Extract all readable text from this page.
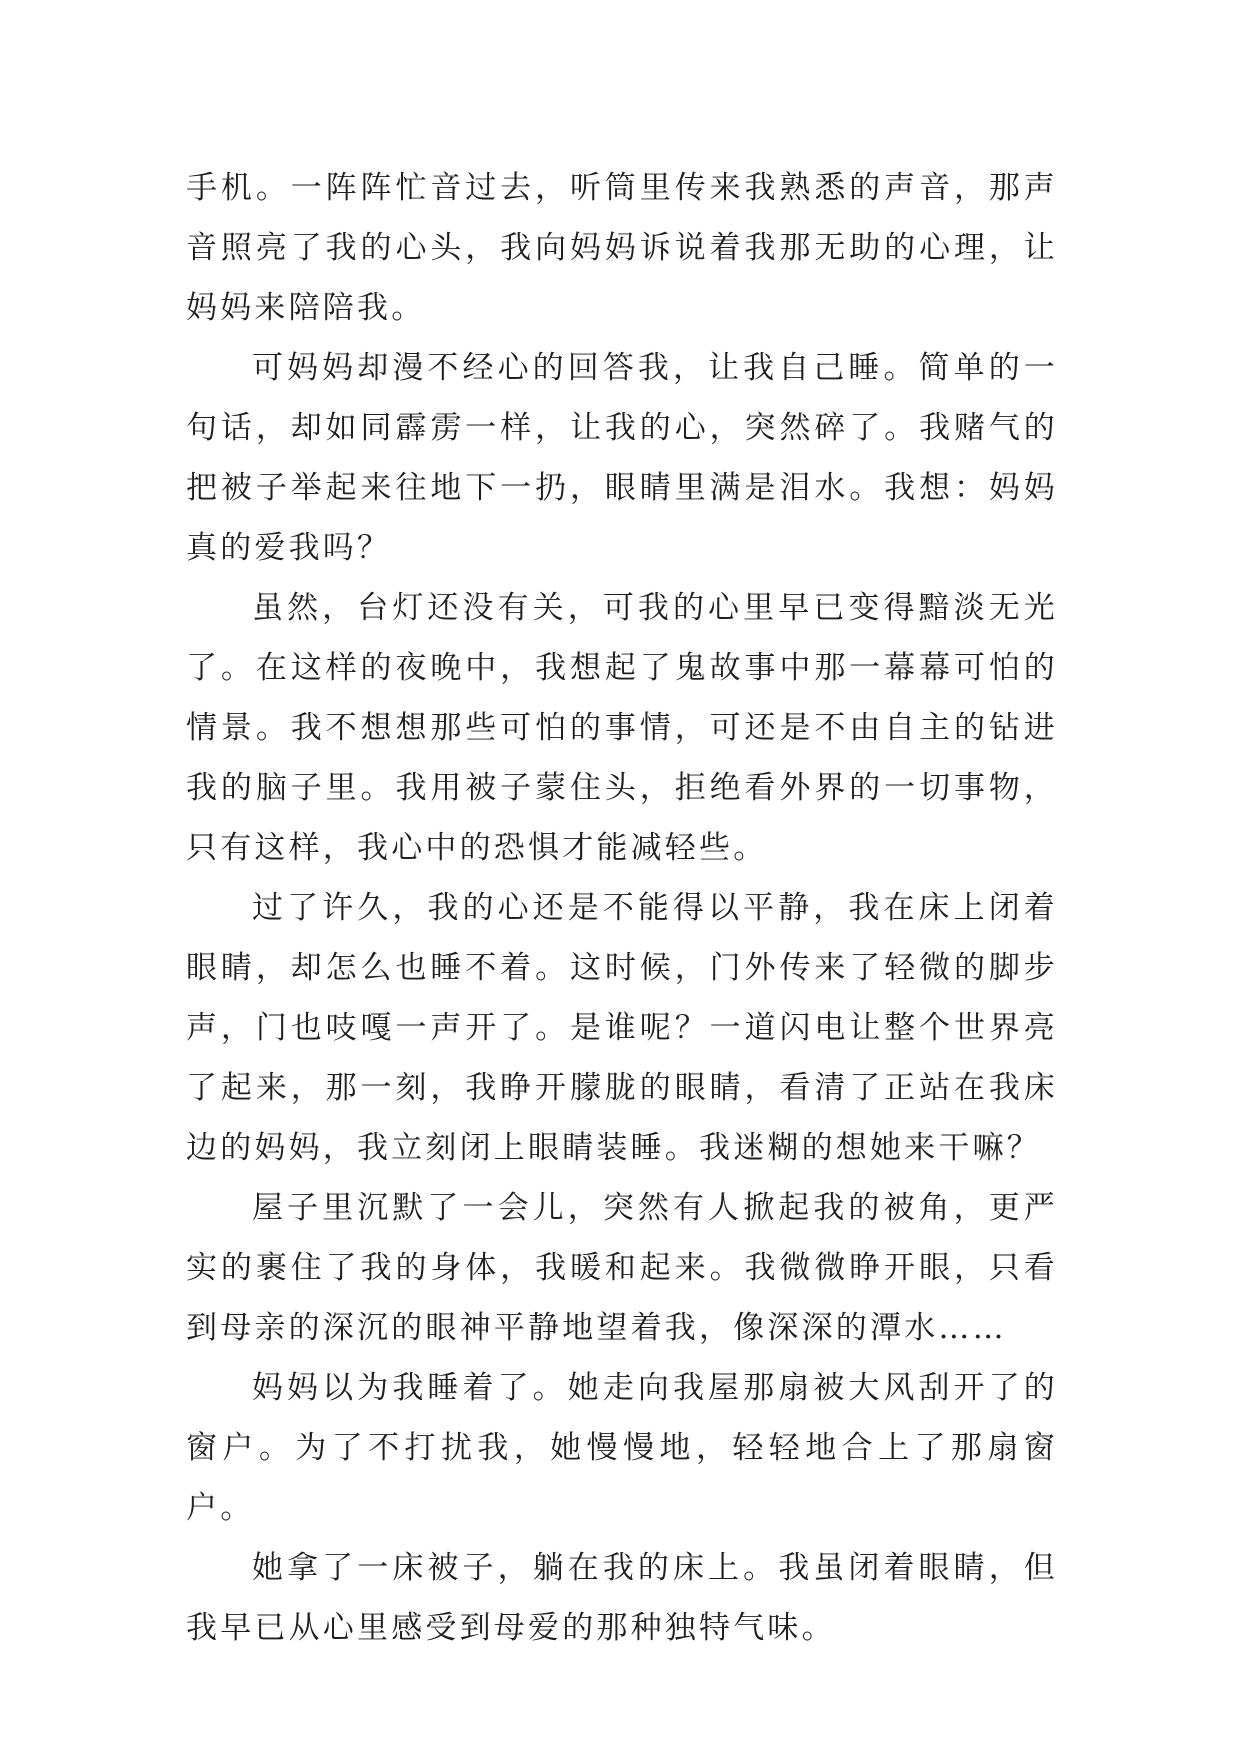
手机。一阵阵忙音过去，听筒里传来我熟悉的声音，那声音照亮了我的心头，我向妈妈诉说着我那无助的心理，让妈妈来陪陪我。

可妈妈却漫不经心的回答我，让我自己睡。简单的一句话，却如同霹雳一样，让我的心，突然碎了。我赌气的把被子举起来往地下一扔，眼睛里满是泪水。我想：妈妈真的爱我吗？

虽然，台灯还没有关，可我的心里早已变得黯淡无光了。在这样的夜晚中，我想起了鬼故事中那一幕幕可怕的情景。我不想想那些可怕的事情，可还是不由自主的钻进我的脑子里。我用被子蒙住头，拒绝看外界的一切事物，只有这样，我心中的恐惧才能减轻些。

过了许久，我的心还是不能得以平静，我在床上闭着眼睛，却怎么也睡不着。这时候，门外传来了轻微的脚步声，门也吱嘎一声开了。是谁呢？一道闪电让整个世界亮了起来，那一刻，我睁开朦胧的眼睛，看清了正站在我床边的妈妈，我立刻闭上眼睛装睡。我迷糊的想她来干嘛？

屋子里沉默了一会儿，突然有人掀起我的被角，更严实的裹住了我的身体，我暖和起来。我微微睁开眼，只看到母亲的深沉的眼神平静地望着我，像深深的潭水……

妈妈以为我睡着了。她走向我屋那扇被大风刮开了的窗户。为了不打扰我，她慢慢地，轻轻地合上了那扇窗户。

她拿了一床被子，躺在我的床上。我虽闭着眼睛，但我早已从心里感受到母爱的那种独特气味。
